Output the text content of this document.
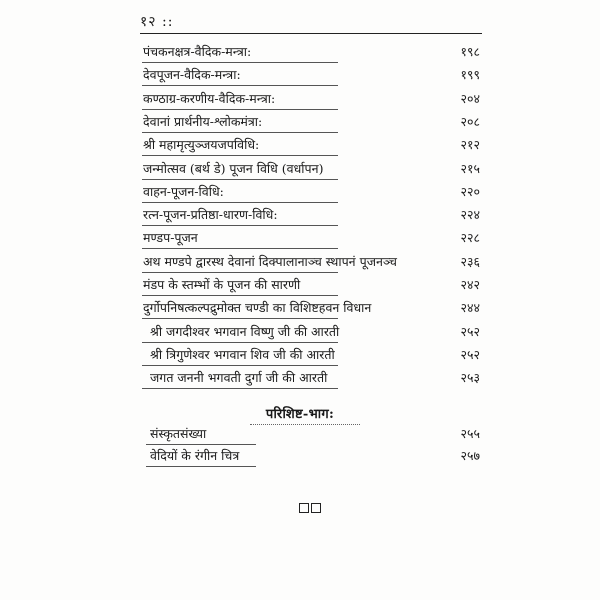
१२ ::
पंचकनक्षत्र-वैदिक-मन्त्रा:	१९८
देवपूजन-वैदिक-मन्त्रा:	१९९
कण्ठाग्र-करणीय-वैदिक-मन्त्रा:	२०४
देवानां प्रार्थनीय-श्लोकमंत्रा:	२०८
श्री महामृत्युञ्जयजपविधि:	२१२
जन्मोत्सव (बर्थ डे) पूजन विधि (वर्धापन)	२१५
वाहन-पूजन-विधि:	२२०
रत्न-पूजन-प्रतिष्ठा-धारण-विधि:	२२४
मण्डप-पूजन	२२८
अथ मण्डपे द्वारस्थ देवानां दिक्पालानाञ्च स्थापनं पूजनञ्च	२३६
मंडप के स्तम्भों के पूजन की सारणी	२४२
दुर्गोपनिषत्कल्पद्रुमोक्त चण्डी का विशिष्टहवन विधान	२४४
श्री जगदीश्वर भगवान विष्णु जी की आरती	२५२
श्री त्रिगुणेश्वर भगवान शिव जी की आरती	२५२
जगत जननी भगवती दुर्गा जी की आरती	२५३
परिशिष्ट-भाग:
संस्कृतसंख्या	२५५
वेदियों के रंगीन चित्र	२५७
